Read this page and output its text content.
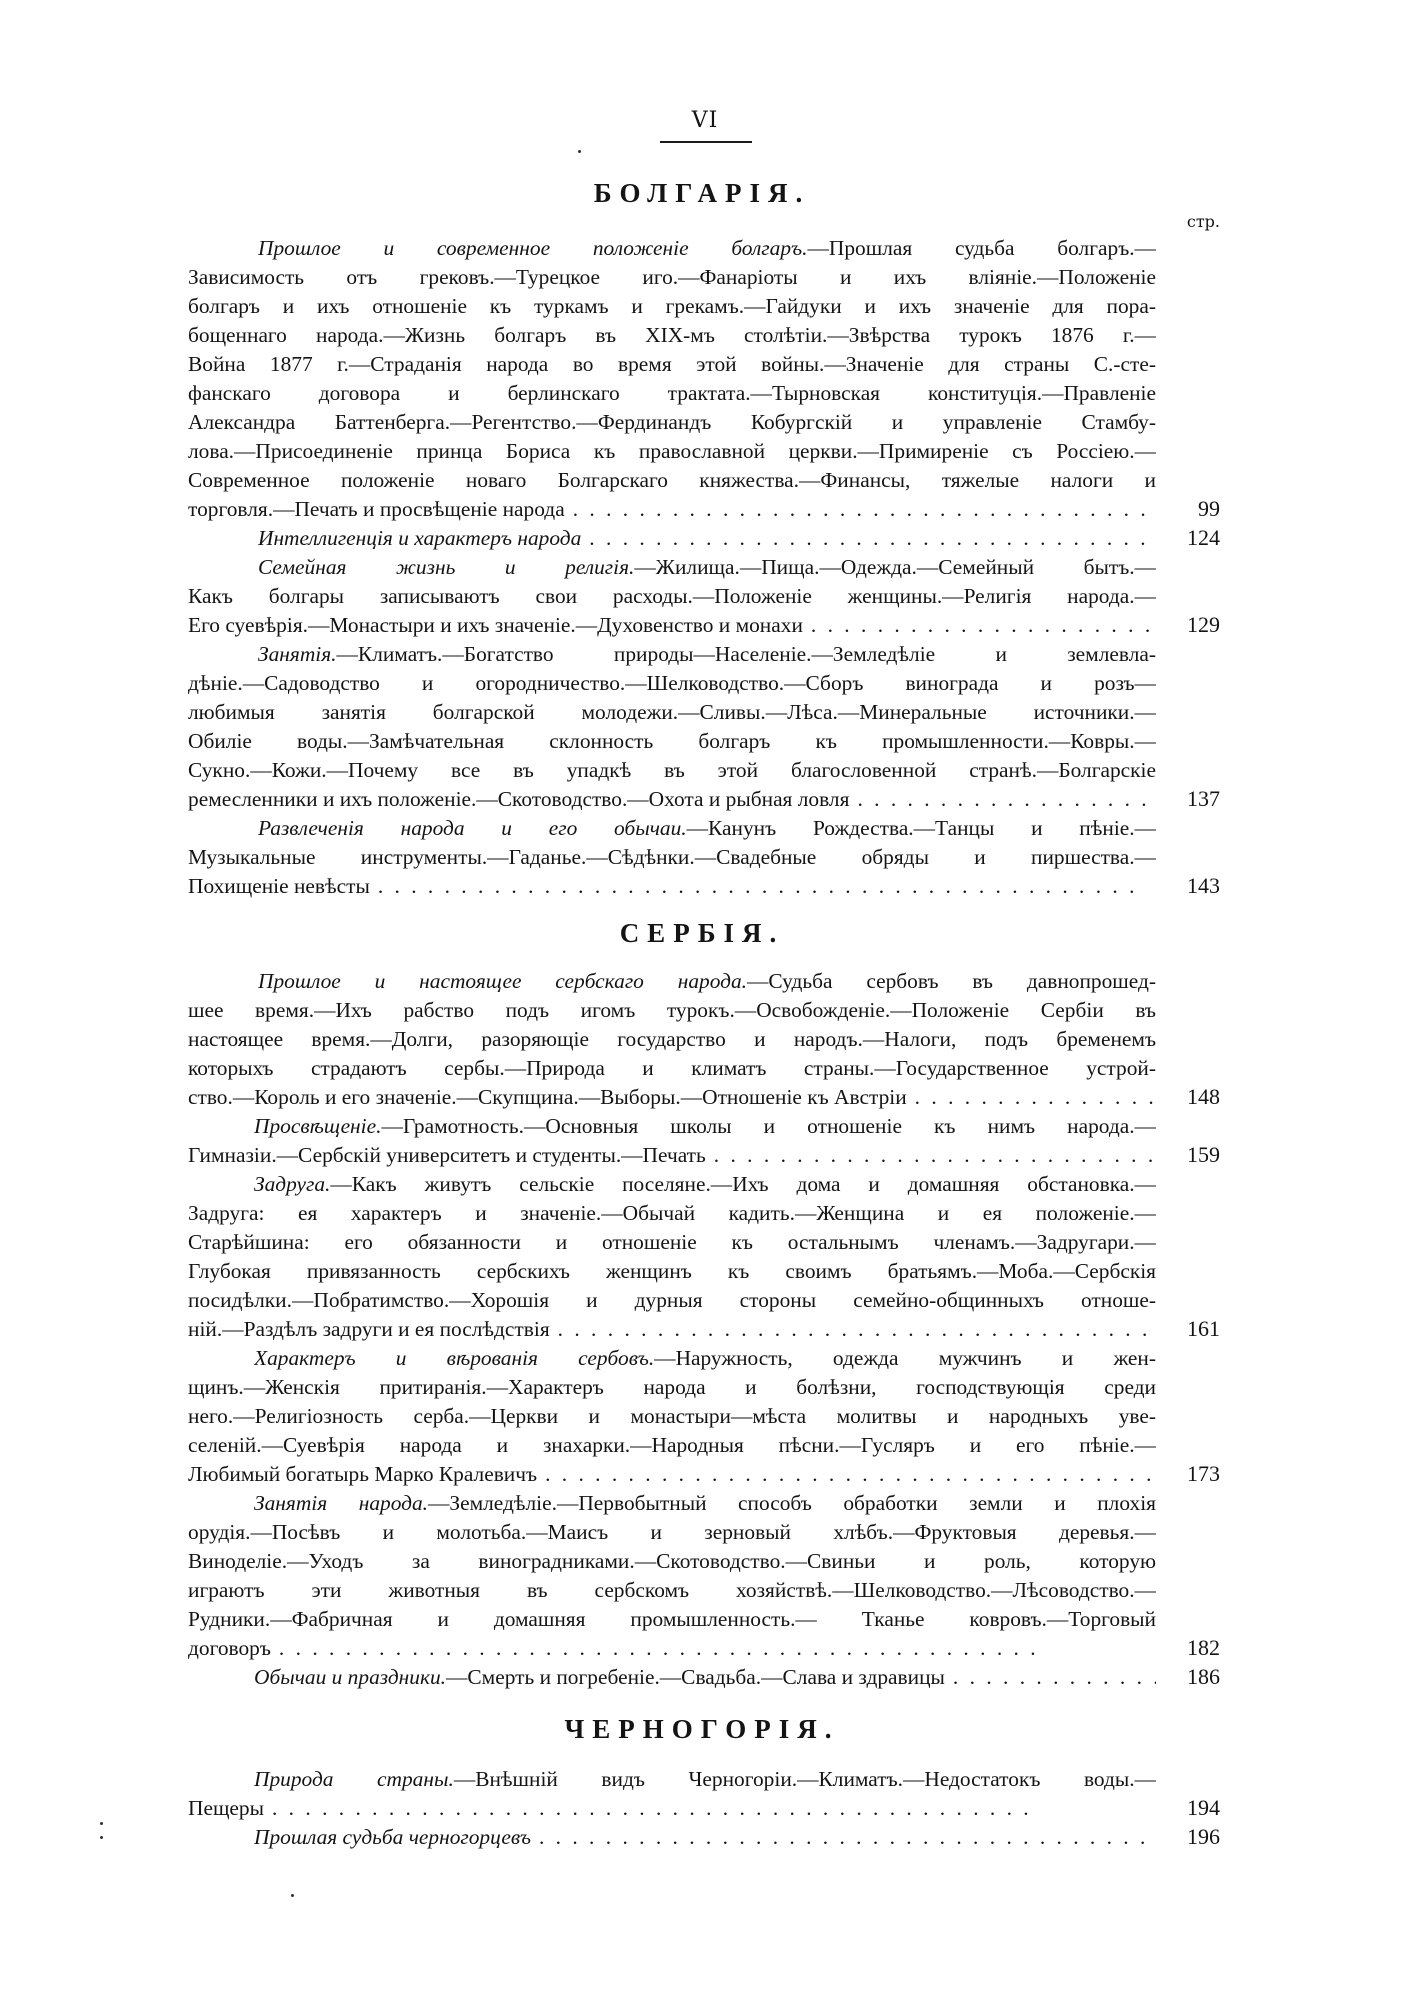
VI
БОЛГАРІЯ.
стр.
Прошлое и современное положеніе болгаръ.—Прошлая судьба болгаръ.—
Зависимость отъ грековъ.—Турецкое иго.—Фанаріоты и ихъ вліяніе.—Положеніе
болгаръ и ихъ отношеніе къ туркамъ и грекамъ.—Гайдуки и ихъ значеніе для пора-
бощеннаго народа.—Жизнь болгаръ въ XIX-мъ столѣтіи.—Звѣрства турокъ 1876 г.—
Война 1877 г.—Страданія народа во время этой войны.—Значеніе для страны С.-сте-
фанскаго договора и берлинскаго трактата.—Тырновская конституція.—Правленіе
Александра Баттенберга.—Регентство.—Фердинандъ Кобургскій и управленіе Стамбу-
лова.—Присоединеніе принца Бориса къ православной церкви.—Примиреніе съ Россіею.—
Современное положеніе новаго Болгарскаго княжества.—Финансы, тяжелые налоги и
торговля.—Печать и просвѣщеніе народа . . .	99
Интеллигенція и характеръ народа . . .	124
Семейная жизнь и религія.—Жилища.—Пища.—Одежда.—Семейный бытъ.—
Какъ болгары записываютъ свои расходы.—Положеніе женщины.—Религія народа.—
Его суевѣрія.—Монастыри и ихъ значеніе.—Духовенство и монахи . . .	129
Занятія.—Климатъ.—Богатство природы—Населеніе.—Земледѣліе и землевла-
дѣніе.—Садоводство и огородничество.—Шелководство.—Сборъ винограда и розъ—
любимыя занятія болгарской молодежи.—Сливы.—Лѣса.—Минеральные источники.—
Обиліе воды.—Замѣчательная склонность болгаръ къ промышленности.—Ковры.—
Сукно.—Кожи.—Почему все въ упадкѣ въ этой благословенной странѣ.—Болгарскіе
ремесленники и ихъ положеніе.—Скотоводство.—Охота и рыбная ловля . . .	137
Развлеченія народа и его обычаи.—Канунъ Рождества.—Танцы и пѣніе.—
Музыкальные инструменты.—Гаданье.—Сѣдѣнки.—Свадебные обряды и пиршества.—
Похищеніе невѣсты . . .	143
Прошлое и настоящее сербскаго народа.—Судьба сербовъ въ давнопрошед-
шее время.—Ихъ рабство подъ игомъ турокъ.—Освобожденіе.—Положеніе Сербіи въ
настоящее время.—Долги, разоряющіе государство и народъ.—Налоги, подъ бременемъ
которыхъ страдаютъ сербы.—Природа и климатъ страны.—Государственное устрой-
ство.—Король и его значеніе.—Скупщина.—Выборы.—Отношеніе къ Австріи . . .	148
Просвѣщеніе.—Грамотность.—Основныя школы и отношеніе къ нимъ народа.—
Гимназіи.—Сербскій университетъ и студенты.—Печать . . .	159
Задруга.—Какъ живутъ сельскіе поселяне.—Ихъ дома и домашняя обстановка.—
Задруга: ея характеръ и значеніе.—Обычай кадить.—Женщина и ея положеніе.—
Старѣйшина: его обязанности и отношеніе къ остальнымъ членамъ.—Задругари.—
Глубокая привязанность сербскихъ женщинъ къ своимъ братьямъ.—Моба.—Сербскія
посидѣлки.—Побратимство.—Хорошія и дурныя стороны семейно-общинныхъ отноше-
ній.—Раздѣлъ задруги и ея послѣдствія . . .	161
Характеръ и вѣрованія сербовъ.—Наружность, одежда мужчинъ и жен-
щинъ.—Женскія притиранія.—Характеръ народа и болѣзни, господствующія среди
него.—Религіозность серба.—Церкви и монастыри—мѣста молитвы и народныхъ уве-
селеній.—Суевѣрія народа и знахарки.—Народныя пѣсни.—Гусляръ и его пѣніе.—
Любимый богатырь Марко Кралевичъ . . .	173
Занятія народа.—Земледѣліе.—Первобытный способъ обработки земли и плохія
орудія.—Посѣвъ и молотьба.—Маисъ и зерновый хлѣбъ.—Фруктовыя деревья.—
Виноделіе.—Уходъ за виноградниками.—Скотоводство.—Свиньи и роль, которую
играютъ эти животныя въ сербскомъ хозяйствѣ.—Шелководство.—Лѣсоводство.—
Рудники.—Фабричная и домашняя промышленность.— Тканье ковровъ.—Торговый
договоръ . . .	182
Обычаи и праздники.—Смерть и погребеніе.—Свадьба.—Слава и здравицы . . .	186
Природа страны.—Внѣшній видъ Черногоріи.—Климатъ.—Недостатокъ воды.—
Пещеры . . .	194
Прошлая судьба черногорцевъ . . .	196
СЕРБІЯ.
ЧЕРНОГОРІЯ.
